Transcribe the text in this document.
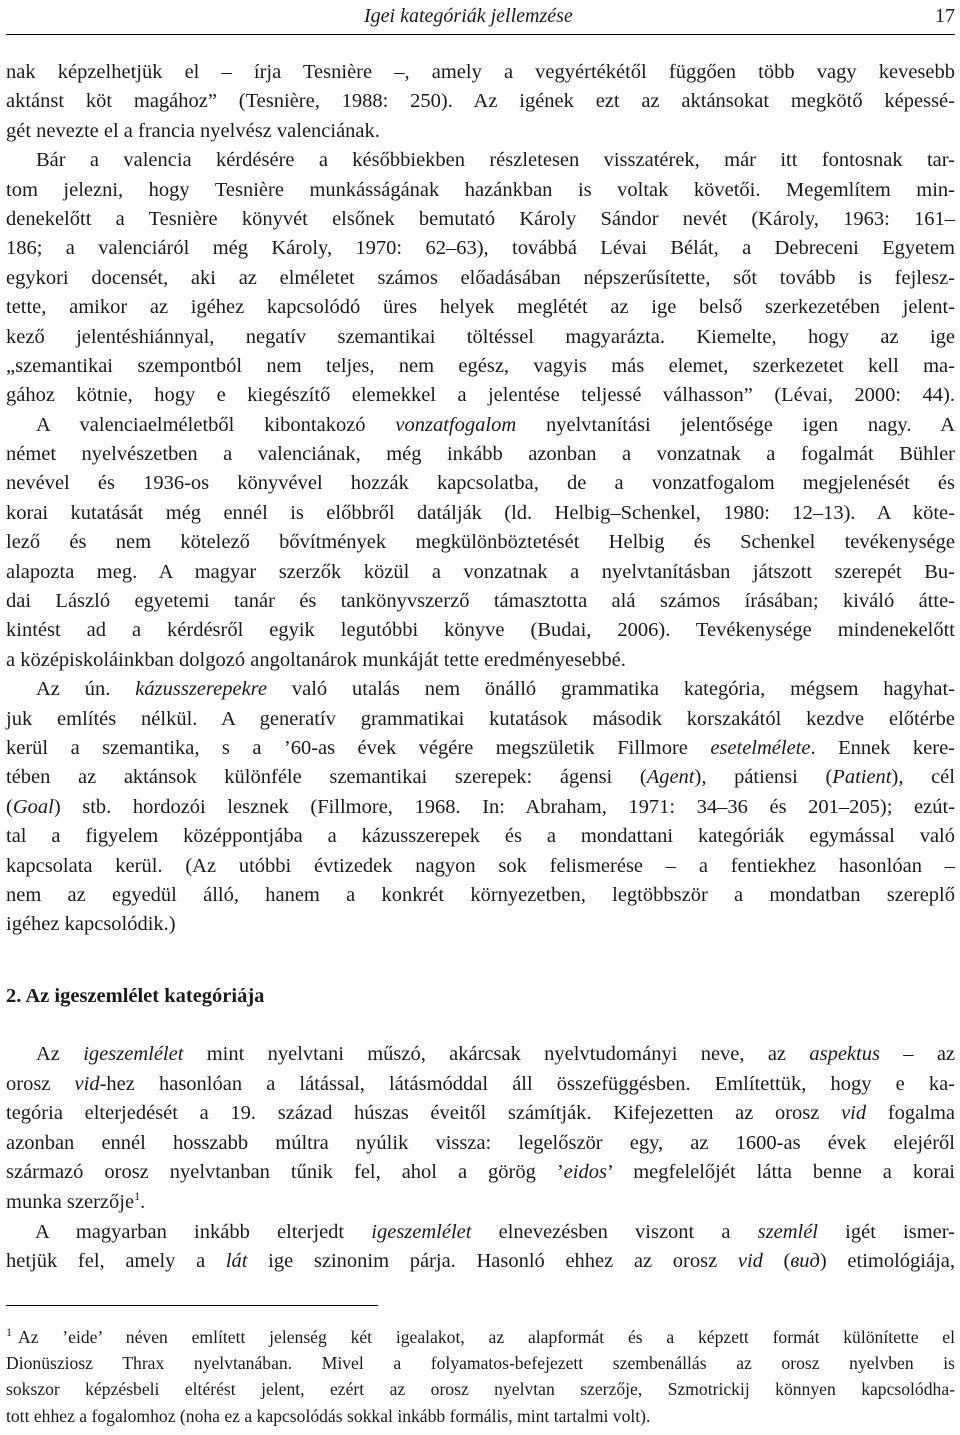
Igei kategóriák jellemzése	17
nak képzelhetjük el – írja Tesnière –, amely a vegyértékétől függően több vagy kevesebb
aktánst köt magához” (Tesnière, 1988: 250). Az igének ezt az aktánsokat megkötő képessé-
gét nevezte el a francia nyelvész valenciának.
Bár a valencia kérdésére a későbbiekben részletesen visszatérek, már itt fontosnak tar-
tom jelezni, hogy Tesnière munkásságának hazánkban is voltak követői. Megemlítem min-
denekelőtt a Tesnière könyvét elsőnek bemutató Károly Sándor nevét (Károly, 1963: 161–
186; a valenciáról még Károly, 1970: 62–63), továbbá Lévai Bélát, a Debreceni Egyetem
egykori docensét, aki az elméletet számos előadásában népszerűsítette, sőt tovább is fejlesz-
tette, amikor az igéhez kapcsolódó üres helyek meglétét az ige belső szerkezetében jelent-
kező jelentéshiánnyal, negatív szemantikai töltéssel magyarázta. Kiemelte, hogy az ige
„szemantikai szempontból nem teljes, nem egész, vagyis más elemet, szerkezetet kell ma-
gához kötnie, hogy e kiegészítő elemekkel a jelentése teljessé válhasson” (Lévai, 2000: 44).
A valenciaelméletből kibontakozó vonzatfogalom nyelvtanítási jelentősége igen nagy. A
német nyelvészetben a valenciának, még inkább azonban a vonzatnak a fogalmát Bühler
nevével és 1936-os könyvével hozzák kapcsolatba, de a vonzatfogalom megjelenését és
korai kutatását még ennél is előbbről datálják (ld. Helbig–Schenkel, 1980: 12–13). A köte-
lező és nem kötelező bővítmények megkülönböztetését Helbig és Schenkel tevékenysége
alapozta meg. A magyar szerzők közül a vonzatnak a nyelvtanításban játszott szerepét Bu-
dai László egyetemi tanár és tankönyvszerző támasztotta alá számos írásában; kiváló átte-
kintést ad a kérdésről egyik legutóbbi könyve (Budai, 2006). Tevékenysége mindenekelőtt
a középiskoláinkban dolgozó angoltanárok munkáját tette eredményesebbé.
Az ún. kázusszerepekre való utalás nem önálló grammatika kategória, mégsem hagyhat-
juk említés nélkül. A generatív grammatikai kutatások második korszakától kezdve előtérbe
kerül a szemantika, s a ’60-as évek végére megszületik Fillmore esetelmélete. Ennek kere-
tében az aktánsok különféle szemantikai szerepek: ágensi (Agent), pátiensi (Patient), cél
(Goal) stb. hordozói lesznek (Fillmore, 1968. In: Abraham, 1971: 34–36 és 201–205); ezút-
tal a figyelem középpontjába a kázusszerepek és a mondattani kategóriák egymással való
kapcsolata kerül. (Az utóbbi évtizedek nagyon sok felismerése – a fentiekhez hasonlóan –
nem az egyedül álló, hanem a konkrét környezetben, legtöbbször a mondatban szereplő
igéhez kapcsolódik.)
2. Az igeszemlélet kategóriája
Az igeszemlélet mint nyelvtani műszó, akárcsak nyelvtudományi neve, az aspektus – az
orosz vid-hez hasonlóan a látással, látásmóddal áll összefüggésben. Említettük, hogy e ka-
tegória elterjedését a 19. század húszas éveitől számítják. Kifejezetten az orosz vid fogalma
azonban ennél hosszabb múltra nyúlik vissza: legelőször egy, az 1600-as évek elejéről
származó orosz nyelvtanban tűnik fel, ahol a görög ’eidos’ megfelelőjét látta benne a korai
munka szerzője$^1$.
A magyarban inkább elterjedt igeszemlélet elnevezésben viszont a szemlél igét ismer-
hetjük fel, amely a lát ige szinonim párja. Hasonló ehhez az orosz vid (вид) etimológiája,
$^1$ Az ’eide’ néven említett jelenség két igealakot, az alapformát és a képzett formát különítette el
Dionüsziosz Thrax nyelvtanában. Mivel a folyamatos-befejezett szembenállás az orosz nyelvben is
sokszor képzésbeli eltérést jelent, ezért az orosz nyelvtan szerzője, Szmotrickij könnyen kapcsolódha-
tott ehhez a fogalomhoz (noha ez a kapcsolódás sokkal inkább formális, mint tartalmi volt).
